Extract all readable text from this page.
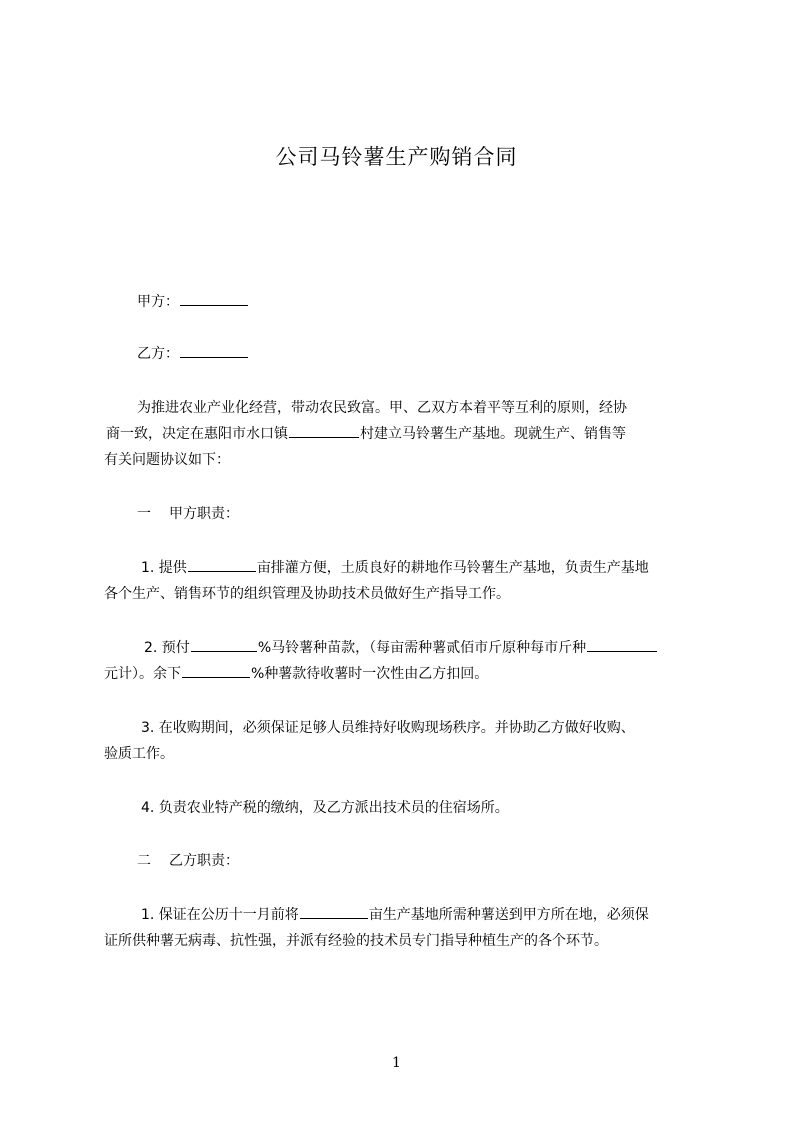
公司马铃薯生产购销合同
甲方：
乙方：
为推进农业产业化经营，带动农民致富。甲、乙双方本着平等互利的原则，经协
商一致，决定在惠阳市水口镇	村建立马铃薯生产基地。现就生产、销售等
有关问题协议如下：
一 甲方职责：
1. 提供	亩排灌方便，土质良好的耕地作马铃薯生产基地，负责生产基地
各个生产、销售环节的组织管理及协助技术员做好生产指导工作。
2. 预付	%马铃薯种苗款，（每亩需种薯贰佰市斤原种每市斤种
元计）。余下	%种薯款待收薯时一次性由乙方扣回。
3. 在收购期间，必须保证足够人员维持好收购现场秩序。并协助乙方做好收购、
验质工作。
4. 负责农业特产税的缴纳，及乙方派出技术员的住宿场所。
二 乙方职责：
1. 保证在公历十一月前将	亩生产基地所需种薯送到甲方所在地，必须保
证所供种薯无病毒、抗性强，并派有经验的技术员专门指导种植生产的各个环节。
1
